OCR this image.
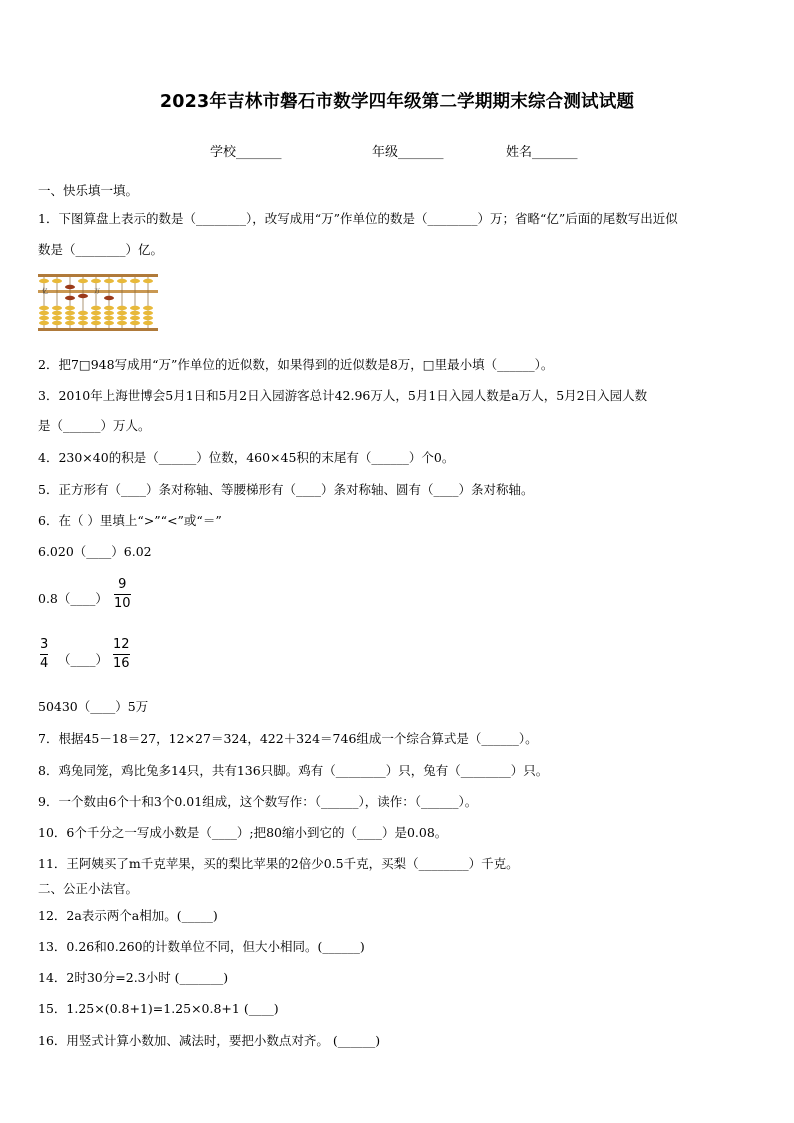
2023年吉林市磐石市数学四年级第二学期期末综合测试试题
学校_______	年级_______	姓名_______
一、快乐填一填。
1．下图算盘上表示的数是（________），改写成用“万”作单位的数是（________）万；省略“亿”后面的尾数写出近似
数是（________）亿。
亿	万
2．把7□948写成用“万”作单位的近似数，如果得到的近似数是8万，□里最小填（______）。
3．2010年上海世博会5月1日和5月2日入园游客总计42.96万人，5月1日入园人数是a万人，5月2日入园人数
是（______）万人。
4．230×40的积是（______）位数，460×45积的末尾有（______）个0。
5．正方形有（____）条对称轴、等腰梯形有（____）条对称轴、圆有（____）条对称轴。
6．在（ ）里填上“>”“<”或“＝”
6.020（____）6.02
0.8（____）
9
10
3
4 （____）
12
16
50430（____）5万
7．根据45－18＝27，12×27＝324，422＋324＝746组成一个综合算式是（______）。
8．鸡兔同笼，鸡比兔多14只，共有136只脚。鸡有（________）只，兔有（________）只。
9．一个数由6个十和3个0.01组成，这个数写作：（______），读作：（______）。
10．6个千分之一写成小数是（____）;把80缩小到它的（____）是0.08。
11．王阿姨买了m千克苹果，买的梨比苹果的2倍少0.5千克，买梨（________）千克。
二、公正小法官。
12．2a表示两个a相加。(_____)
13．0.26和0.260的计数单位不同，但大小相同。(______)
14．2时30分=2.3小时 (_______)
15．1.25×(0.8+1)=1.25×0.8+1 (____)
16．用竖式计算小数加、减法时，要把小数点对齐。 (______)
